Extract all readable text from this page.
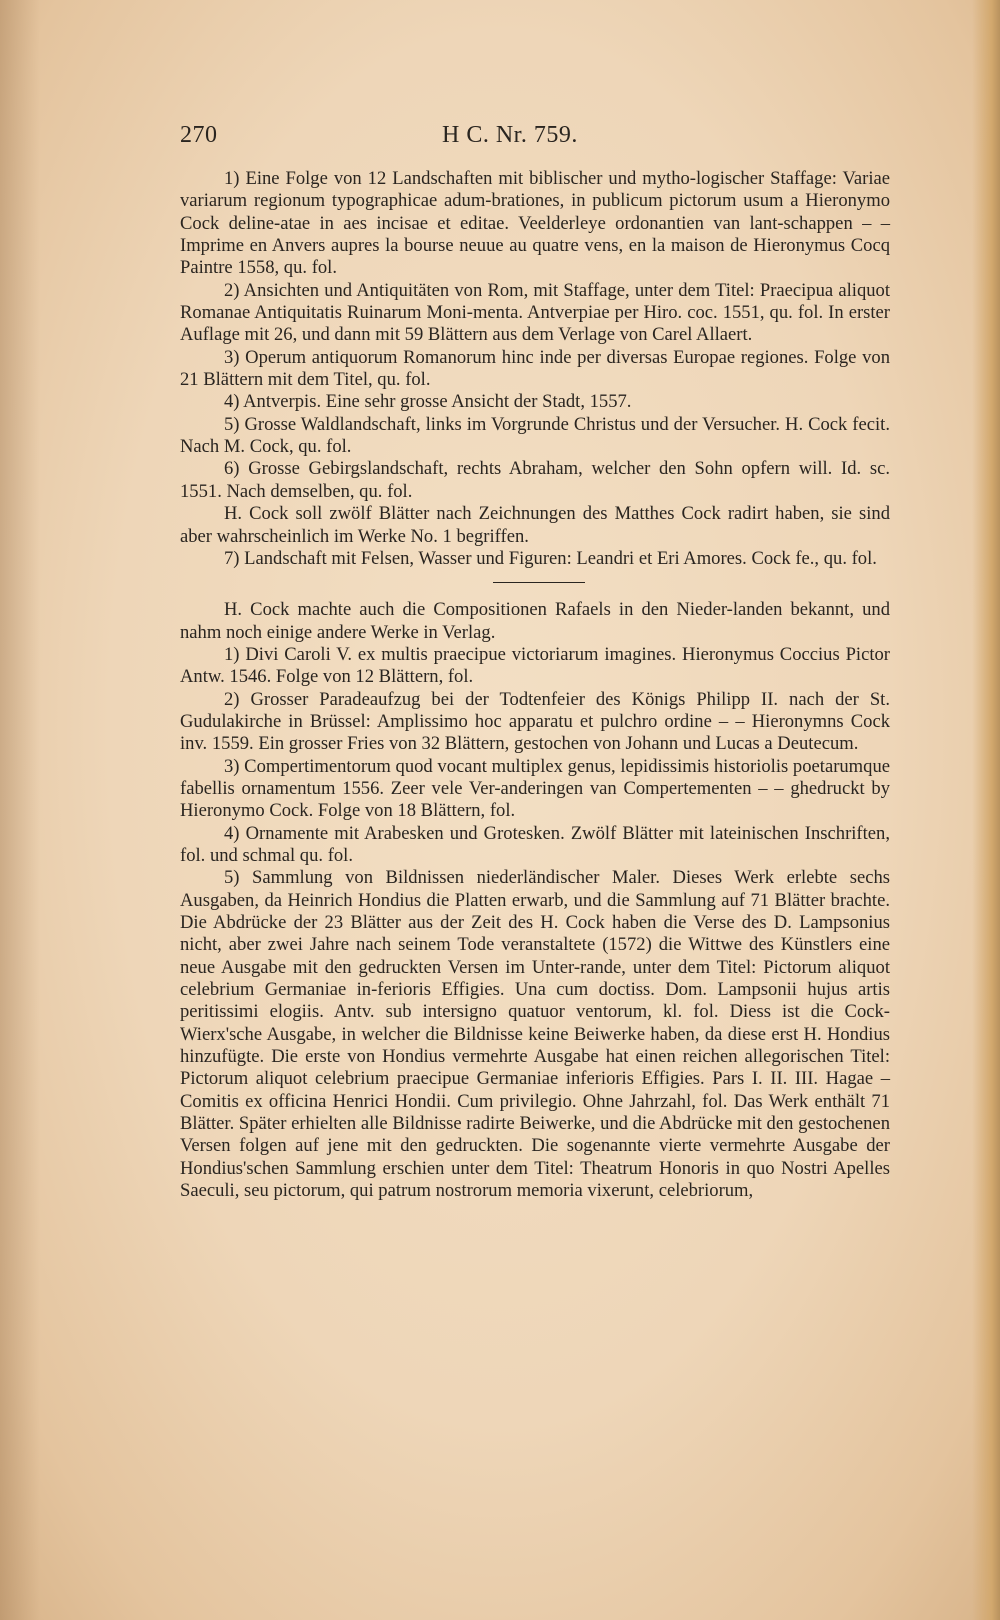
270	H C. Nr. 759.

1) Eine Folge von 12 Landschaften mit biblischer und mytho-logischer Staffage: Variae variarum regionum typographicae adum-brationes, in publicum pictorum usum a Hieronymo Cock deline-atae in aes incisae et editae. Veelderleye ordonantien van lant-schappen – – Imprime en Anvers aupres la bourse neuue au quatre vens, en la maison de Hieronymus Cocq Paintre 1558, qu. fol.

2) Ansichten und Antiquitäten von Rom, mit Staffage, unter dem Titel: Praecipua aliquot Romanae Antiquitatis Ruinarum Moni-menta. Antverpiae per Hiro. coc. 1551, qu. fol. In erster Auflage mit 26, und dann mit 59 Blättern aus dem Verlage von Carel Allaert.

3) Operum antiquorum Romanorum hinc inde per diversas Europae regiones. Folge von 21 Blättern mit dem Titel, qu. fol.

4) Antverpis. Eine sehr grosse Ansicht der Stadt, 1557.

5) Grosse Waldlandschaft, links im Vorgrunde Christus und der Versucher. H. Cock fecit. Nach M. Cock, qu. fol.

6) Grosse Gebirgslandschaft, rechts Abraham, welcher den Sohn opfern will. Id. sc. 1551. Nach demselben, qu. fol.

H. Cock soll zwölf Blätter nach Zeichnungen des Matthes Cock radirt haben, sie sind aber wahrscheinlich im Werke No. 1 begriffen.

7) Landschaft mit Felsen, Wasser und Figuren: Leandri et Eri Amores. Cock fe., qu. fol.

H. Cock machte auch die Compositionen Rafaels in den Nieder-landen bekannt, und nahm noch einige andere Werke in Verlag.

1) Divi Caroli V. ex multis praecipue victoriarum imagines. Hieronymus Coccius Pictor Antw. 1546. Folge von 12 Blättern, fol.

2) Grosser Paradeaufzug bei der Todtenfeier des Königs Philipp II. nach der St. Gudulakirche in Brüssel: Amplissimo hoc apparatu et pulchro ordine – – Hieronymns Cock inv. 1559. Ein grosser Fries von 32 Blättern, gestochen von Johann und Lucas a Deutecum.

3) Compertimentorum quod vocant multiplex genus, lepidissimis historiolis poetarumque fabellis ornamentum 1556. Zeer vele Ver-anderingen van Compertementen – – ghedruckt by Hieronymo Cock. Folge von 18 Blättern, fol.

4) Ornamente mit Arabesken und Grotesken. Zwölf Blätter mit lateinischen Inschriften, fol. und schmal qu. fol.

5) Sammlung von Bildnissen niederländischer Maler. Dieses Werk erlebte sechs Ausgaben, da Heinrich Hondius die Platten erwarb, und die Sammlung auf 71 Blätter brachte. Die Abdrücke der 23 Blätter aus der Zeit des H. Cock haben die Verse des D. Lampsonius nicht, aber zwei Jahre nach seinem Tode veranstaltete (1572) die Wittwe des Künstlers eine neue Ausgabe mit den gedruckten Versen im Unter-rande, unter dem Titel: Pictorum aliquot celebrium Germaniae in-ferioris Effigies. Una cum doctiss. Dom. Lampsonii hujus artis peritissimi elogiis. Antv. sub intersigno quatuor ventorum, kl. fol. Diess ist die Cock-Wierx'sche Ausgabe, in welcher die Bildnisse keine Beiwerke haben, da diese erst H. Hondius hinzufügte. Die erste von Hondius vermehrte Ausgabe hat einen reichen allegorischen Titel: Pictorum aliquot celebrium praecipue Germaniae inferioris Effigies. Pars I. II. III. Hagae – Comitis ex officina Henrici Hondii. Cum privilegio. Ohne Jahrzahl, fol. Das Werk enthält 71 Blätter. Später erhielten alle Bildnisse radirte Beiwerke, und die Abdrücke mit den gestochenen Versen folgen auf jene mit den gedruckten. Die sogenannte vierte vermehrte Ausgabe der Hondius'schen Sammlung erschien unter dem Titel: Theatrum Honoris in quo Nostri Apelles Saeculi, seu pictorum, qui patrum nostrorum memoria vixerunt, celebriorum,
